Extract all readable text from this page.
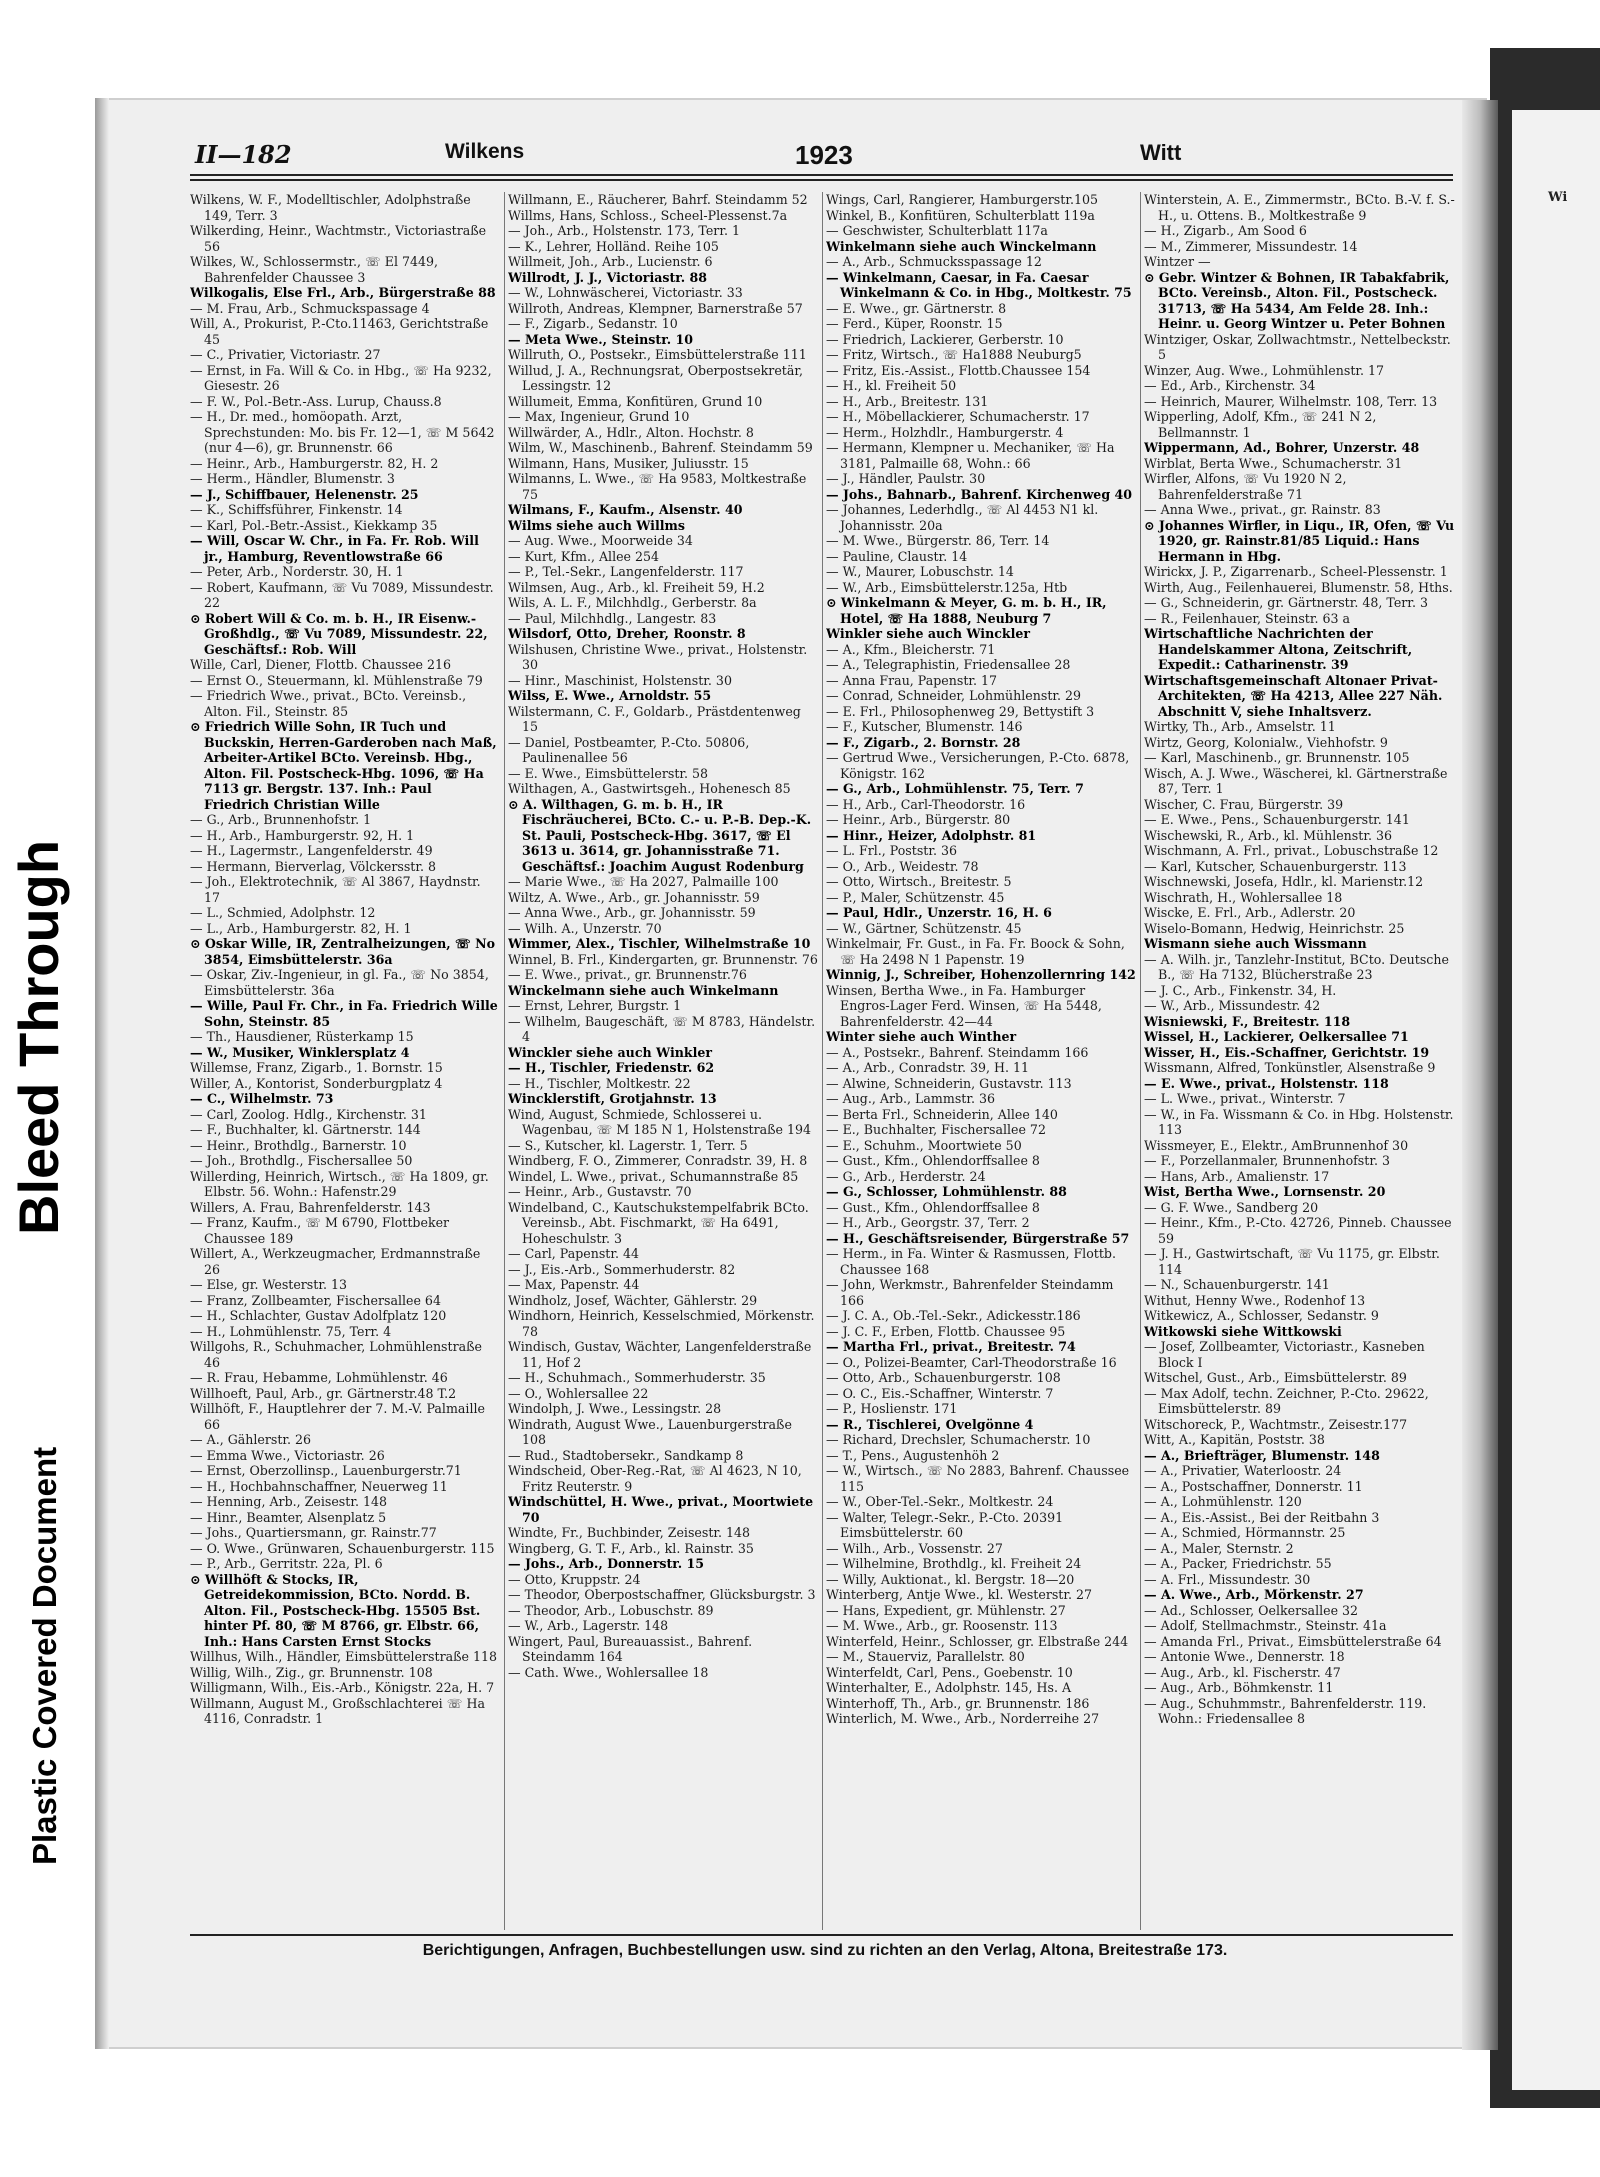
Bleed Through
Plastic Covered Document
Wi
II—182	Wilkens	1923	Witt

Wilkens, W. F., Modelltischler, Adolphstraße 149, Terr. 3

Wilkerding, Heinr., Wachtmstr., Victoriastraße 56

Wilkes, W., Schlossermstr., ☏ El 7449, Bahrenfelder Chaussee 3

Wilkogalis, Else Frl., Arb., Bürgerstraße 88

— M. Frau, Arb., Schmuckspassage 4

Will, A., Prokurist, P.-Cto.11463, Gerichtstraße 45

— C., Privatier, Victoriastr. 27

— Ernst, in Fa. Will & Co. in Hbg., ☏ Ha 9232, Giesestr. 26

— F. W., Pol.-Betr.-Ass. Lurup, Chauss.8

— H., Dr. med., homöopath. Arzt, Sprechstunden: Mo. bis Fr. 12—1, ☏ M 5642 (nur 4—6), gr. Brunnenstr. 66

— Heinr., Arb., Hamburgerstr. 82, H. 2

— Herm., Händler, Blumenstr. 3

— J., Schiffbauer, Helenenstr. 25

— K., Schiffsführer, Finkenstr. 14

— Karl, Pol.-Betr.-Assist., Kiekkamp 35

— Will, Oscar W. Chr., in Fa. Fr. Rob. Will jr., Hamburg, Reventlowstraße 66

— Peter, Arb., Norderstr. 30, H. 1

— Robert, Kaufmann, ☏ Vu 7089, Missundestr. 22

⊙ Robert Will & Co. m. b. H., IR Eisenw.-Großhdlg., ☏ Vu 7089, Missundestr. 22, Geschäftsf.: Rob. Will

Wille, Carl, Diener, Flottb. Chaussee 216

— Ernst O., Steuermann, kl. Mühlenstraße 79

— Friedrich Wwe., privat., BCto. Vereinsb., Alton. Fil., Steinstr. 85

⊙ Friedrich Wille Sohn, IR Tuch und Buckskin, Herren-Garderoben nach Maß, Arbeiter-Artikel BCto. Vereinsb. Hbg., Alton. Fil. Postscheck-Hbg. 1096, ☏ Ha 7113 gr. Bergstr. 137. Inh.: Paul Friedrich Christian Wille

— G., Arb., Brunnenhofstr. 1

— H., Arb., Hamburgerstr. 92, H. 1

— H., Lagermstr., Langenfelderstr. 49

— Hermann, Bierverlag, Völckersstr. 8

— Joh., Elektrotechnik, ☏ Al 3867, Haydnstr. 17

— L., Schmied, Adolphstr. 12

— L., Arb., Hamburgerstr. 82, H. 1

⊙ Oskar Wille, IR, Zentralheizungen, ☏ No 3854, Eimsbüttelerstr. 36a

— Oskar, Ziv.-Ingenieur, in gl. Fa., ☏ No 3854, Eimsbüttelerstr. 36a

— Wille, Paul Fr. Chr., in Fa. Friedrich Wille Sohn, Steinstr. 85

— Th., Hausdiener, Rüsterkamp 15

— W., Musiker, Winklersplatz 4

Willemse, Franz, Zigarb., 1. Bornstr. 15

Willer, A., Kontorist, Sonderburgplatz 4

— C., Wilhelmstr. 73

— Carl, Zoolog. Hdlg., Kirchenstr. 31

— F., Buchhalter, kl. Gärtnerstr. 144

— Heinr., Brothdlg., Barnerstr. 10

— Joh., Brothdlg., Fischersallee 50

Willerding, Heinrich, Wirtsch., ☏ Ha 1809, gr. Elbstr. 56. Wohn.: Hafenstr.29

Willers, A. Frau, Bahrenfelderstr. 143

— Franz, Kaufm., ☏ M 6790, Flottbeker Chaussee 189

Willert, A., Werkzeugmacher, Erdmannstraße 26

— Else, gr. Westerstr. 13

— Franz, Zollbeamter, Fischersallee 64

— H., Schlachter, Gustav Adolfplatz 120

— H., Lohmühlenstr. 75, Terr. 4

Willgohs, R., Schuhmacher, Lohmühlenstraße 46

— R. Frau, Hebamme, Lohmühlenstr. 46

Willhoeft, Paul, Arb., gr. Gärtnerstr.48 T.2

Willhöft, F., Hauptlehrer der 7. M.-V. Palmaille 66

— A., Gählerstr. 26

— Emma Wwe., Victoriastr. 26

— Ernst, Oberzollinsp., Lauenburgerstr.71

— H., Hochbahnschaffner, Neuerweg 11

— Henning, Arb., Zeisestr. 148

— Hinr., Beamter, Alsenplatz 5

— Johs., Quartiersmann, gr. Rainstr.77

— O. Wwe., Grünwaren, Schauenburgerstr. 115

— P., Arb., Gerritstr. 22a, Pl. 6

⊙ Willhöft & Stocks, IR, Getreidekommission, BCto. Nordd. B. Alton. Fil., Postscheck-Hbg. 15505 Bst. hinter Pf. 80, ☏ M 8766, gr. Elbstr. 66, Inh.: Hans Carsten Ernst Stocks

Willhus, Wilh., Händler, Eimsbüttelerstraße 118

Willig, Wilh., Zig., gr. Brunnenstr. 108

Willigmann, Wilh., Eis.-Arb., Königstr. 22a, H. 7

Willmann, August M., Großschlachterei ☏ Ha 4116, Conradstr. 1

Willmann, E., Räucherer, Bahrf. Steindamm 52

Willms, Hans, Schloss., Scheel-Plessenst.7a

— Joh., Arb., Holstenstr. 173, Terr. 1

— K., Lehrer, Holländ. Reihe 105

Willmeit, Joh., Arb., Lucienstr. 6

Willrodt, J. J., Victoriastr. 88

— W., Lohnwäscherei, Victoriastr. 33

Willroth, Andreas, Klempner, Barnerstraße 57

— F., Zigarb., Sedanstr. 10

— Meta Wwe., Steinstr. 10

Willruth, O., Postsekr., Eimsbüttelerstraße 111

Willud, J. A., Rechnungsrat, Oberpostsekretär, Lessingstr. 12

Willumeit, Emma, Konfitüren, Grund 10

— Max, Ingenieur, Grund 10

Willwärder, A., Hdlr., Alton. Hochstr. 8

Wilm, W., Maschinenb., Bahrenf. Steindamm 59

Wilmann, Hans, Musiker, Juliusstr. 15

Wilmanns, L. Wwe., ☏ Ha 9583, Moltkestraße 75

Wilmans, F., Kaufm., Alsenstr. 40

Wilms siehe auch Willms

— Aug. Wwe., Moorweide 34

— Kurt, Kfm., Allee 254

— P., Tel.-Sekr., Langenfelderstr. 117

Wilmsen, Aug., Arb., kl. Freiheit 59, H.2

Wils, A. L. F., Milchhdlg., Gerberstr. 8a

— Paul, Milchhdlg., Langestr. 83

Wilsdorf, Otto, Dreher, Roonstr. 8

Wilshusen, Christine Wwe., privat., Holstenstr. 30

— Hinr., Maschinist, Holstenstr. 30

Wilss, E. Wwe., Arnoldstr. 55

Wilstermann, C. F., Goldarb., Prästdentenweg 15

— Daniel, Postbeamter, P.-Cto. 50806, Paulinenallee 56

— E. Wwe., Eimsbüttelerstr. 58

Wilthagen, A., Gastwirtsgeh., Hohenesch 85

⊙ A. Wilthagen, G. m. b. H., IR Fischräucherei, BCto. C.- u. P.-B. Dep.-K. St. Pauli, Postscheck-Hbg. 3617, ☏ El 3613 u. 3614, gr. Johannisstraße 71. Geschäftsf.: Joachim August Rodenburg

— Marie Wwe., ☏ Ha 2027, Palmaille 100

Wiltz, A. Wwe., Arb., gr. Johannisstr. 59

— Anna Wwe., Arb., gr. Johannisstr. 59

— Wilh. A., Unzerstr. 70

Wimmer, Alex., Tischler, Wilhelmstraße 10

Winnel, B. Frl., Kindergarten, gr. Brunnenstr. 76

— E. Wwe., privat., gr. Brunnenstr.76

Winckelmann siehe auch Winkelmann

— Ernst, Lehrer, Burgstr. 1

— Wilhelm, Baugeschäft, ☏ M 8783, Händelstr. 4

Winckler siehe auch Winkler

— H., Tischler, Friedenstr. 62

— H., Tischler, Moltkestr. 22

Wincklerstift, Grotjahnstr. 13

Wind, August, Schmiede, Schlosserei u. Wagenbau, ☏ M 185 N 1, Holstenstraße 194

— S., Kutscher, kl. Lagerstr. 1, Terr. 5

Windberg, F. O., Zimmerer, Conradstr. 39, H. 8

Windel, L. Wwe., privat., Schumannstraße 85

— Heinr., Arb., Gustavstr. 70

Windelband, C., Kautschukstempelfabrik BCto. Vereinsb., Abt. Fischmarkt, ☏ Ha 6491, Hoheschulstr. 3

— Carl, Papenstr. 44

— J., Eis.-Arb., Sommerhuderstr. 82

— Max, Papenstr. 44

Windholz, Josef, Wächter, Gählerstr. 29

Windhorn, Heinrich, Kesselschmied, Mörkenstr. 78

Windisch, Gustav, Wächter, Langenfelderstraße 11, Hof 2

— H., Schuhmach., Sommerhuderstr. 35

— O., Wohlersallee 22

Windolph, J. Wwe., Lessingstr. 28

Windrath, August Wwe., Lauenburgerstraße 108

— Rud., Stadtobersekr., Sandkamp 8

Windscheid, Ober-Reg.-Rat, ☏ Al 4623, N 10, Fritz Reuterstr. 9

Windschüttel, H. Wwe., privat., Moortwiete 70

Windte, Fr., Buchbinder, Zeisestr. 148

Wingberg, G. T. F., Arb., kl. Rainstr. 35

— Johs., Arb., Donnerstr. 15

— Otto, Kruppstr. 24

— Theodor, Oberpostschaffner, Glücksburgstr. 3

— Theodor, Arb., Lobuschstr. 89

— W., Arb., Lagerstr. 148

Wingert, Paul, Bureauassist., Bahrenf. Steindamm 164

— Cath. Wwe., Wohlersallee 18

Wings, Carl, Rangierer, Hamburgerstr.105

Winkel, B., Konfitüren, Schulterblatt 119a

— Geschwister, Schulterblatt 117a

Winkelmann siehe auch Winckelmann

— A., Arb., Schmucksspassage 12

— Winkelmann, Caesar, in Fa. Caesar Winkelmann & Co. in Hbg., Moltkestr. 75

— E. Wwe., gr. Gärtnerstr. 8

— Ferd., Küper, Roonstr. 15

— Friedrich, Lackierer, Gerberstr. 10

— Fritz, Wirtsch., ☏ Ha1888 Neuburg5

— Fritz, Eis.-Assist., Flottb.Chaussee 154

— H., kl. Freiheit 50

— H., Arb., Breitestr. 131

— H., Möbellackierer, Schumacherstr. 17

— Herm., Holzhdlr., Hamburgerstr. 4

— Hermann, Klempner u. Mechaniker, ☏ Ha 3181, Palmaille 68, Wohn.: 66

— J., Händler, Paulstr. 30

— Johs., Bahnarb., Bahrenf. Kirchenweg 40

— Johannes, Lederhdlg., ☏ Al 4453 N1 kl. Johannisstr. 20a

— M. Wwe., Bürgerstr. 86, Terr. 14

— Pauline, Claustr. 14

— W., Maurer, Lobuschstr. 14

— W., Arb., Eimsbüttelerstr.125a, Htb

⊙ Winkelmann & Meyer, G. m. b. H., IR, Hotel, ☏ Ha 1888, Neuburg 7

Winkler siehe auch Winckler

— A., Kfm., Bleicherstr. 71

— A., Telegraphistin, Friedensallee 28

— Anna Frau, Papenstr. 17

— Conrad, Schneider, Lohmühlenstr. 29

— E. Frl., Philosophenweg 29, Bettystift 3

— F., Kutscher, Blumenstr. 146

— F., Zigarb., 2. Bornstr. 28

— Gertrud Wwe., Versicherungen, P.-Cto. 6878, Königstr. 162

— G., Arb., Lohmühlenstr. 75, Terr. 7

— H., Arb., Carl-Theodorstr. 16

— Heinr., Arb., Bürgerstr. 80

— Hinr., Heizer, Adolphstr. 81

— L. Frl., Poststr. 36

— O., Arb., Weidestr. 78

— Otto, Wirtsch., Breitestr. 5

— P., Maler, Schützenstr. 45

— Paul, Hdlr., Unzerstr. 16, H. 6

— W., Gärtner, Schützenstr. 45

Winkelmair, Fr. Gust., in Fa. Fr. Boock & Sohn, ☏ Ha 2498 N 1 Papenstr. 19

Winnig, J., Schreiber, Hohenzollernring 142

Winsen, Bertha Wwe., in Fa. Hamburger Engros-Lager Ferd. Winsen, ☏ Ha 5448, Bahrenfelderstr. 42—44

Winter siehe auch Winther

— A., Postsekr., Bahrenf. Steindamm 166

— A., Arb., Conradstr. 39, H. 11

— Alwine, Schneiderin, Gustavstr. 113

— Aug., Arb., Lammstr. 36

— Berta Frl., Schneiderin, Allee 140

— E., Buchhalter, Fischersallee 72

— E., Schuhm., Moortwiete 50

— Gust., Kfm., Ohlendorffsallee 8

— G., Arb., Herderstr. 24

— G., Schlosser, Lohmühlenstr. 88

— Gust., Kfm., Ohlendorffsallee 8

— H., Arb., Georgstr. 37, Terr. 2

— H., Geschäftsreisender, Bürgerstraße 57

— Herm., in Fa. Winter & Rasmussen, Flottb. Chaussee 168

— John, Werkmstr., Bahrenfelder Steindamm 166

— J. C. A., Ob.-Tel.-Sekr., Adickesstr.186

— J. C. F., Erben, Flottb. Chaussee 95

— Martha Frl., privat., Breitestr. 74

— O., Polizei-Beamter, Carl-Theodorstraße 16

— Otto, Arb., Schauenburgerstr. 108

— O. C., Eis.-Schaffner, Winterstr. 7

— P., Hoslienstr. 171

— R., Tischlerei, Ovelgönne 4

— Richard, Drechsler, Schumacherstr. 10

— T., Pens., Augustenhöh 2

— W., Wirtsch., ☏ No 2883, Bahrenf. Chaussee 115

— W., Ober-Tel.-Sekr., Moltkestr. 24

— Walter, Telegr.-Sekr., P.-Cto. 20391 Eimsbüttelerstr. 60

— Wilh., Arb., Vossenstr. 27

— Wilhelmine, Brothdlg., kl. Freiheit 24

— Willy, Auktionat., kl. Bergstr. 18—20

Winterberg, Antje Wwe., kl. Westerstr. 27

— Hans, Expedient, gr. Mühlenstr. 27

— M. Wwe., Arb., gr. Roosenstr. 113

Winterfeld, Heinr., Schlosser, gr. Elbstraße 244

— M., Stauerviz, Parallelstr. 80

Winterfeldt, Carl, Pens., Goebenstr. 10

Winterhalter, E., Adolphstr. 145, Hs. A

Winterhoff, Th., Arb., gr. Brunnenstr. 186

Winterlich, M. Wwe., Arb., Norderreihe 27

Winterstein, A. E., Zimmermstr., BCto. B.-V. f. S.-H., u. Ottens. B., Moltkestraße 9

— H., Zigarb., Am Sood 6

— M., Zimmerer, Missundestr. 14

Wintzer —

⊙ Gebr. Wintzer & Bohnen, IR Tabakfabrik, BCto. Vereinsb., Alton. Fil., Postscheck. 31713, ☏ Ha 5434, Am Felde 28. Inh.: Heinr. u. Georg Wintzer u. Peter Bohnen

Wintziger, Oskar, Zollwachtmstr., Nettelbeckstr. 5

Winzer, Aug. Wwe., Lohmühlenstr. 17

— Ed., Arb., Kirchenstr. 34

— Heinrich, Maurer, Wilhelmstr. 108, Terr. 13

Wipperling, Adolf, Kfm., ☏ 241 N 2, Bellmannstr. 1

Wippermann, Ad., Bohrer, Unzerstr. 48

Wirblat, Berta Wwe., Schumacherstr. 31

Wirfler, Alfons, ☏ Vu 1920 N 2, Bahrenfelderstraße 71

— Anna Wwe., privat., gr. Rainstr. 83

⊙ Johannes Wirfler, in Liqu., IR, Ofen, ☏ Vu 1920, gr. Rainstr.81/85 Liquid.: Hans Hermann in Hbg.

Wirickx, J. P., Zigarrenarb., Scheel-Plessenstr. 1

Wirth, Aug., Feilenhauerei, Blumenstr. 58, Hths.

— G., Schneiderin, gr. Gärtnerstr. 48, Terr. 3

— R., Feilenhauer, Steinstr. 63 a

Wirtschaftliche Nachrichten der Handelskammer Altona, Zeitschrift, Expedit.: Catharinenstr. 39

Wirtschaftsgemeinschaft Altonaer Privat-Architekten, ☏ Ha 4213, Allee 227 Näh. Abschnitt V, siehe Inhaltsverz.

Wirtky, Th., Arb., Amselstr. 11

Wirtz, Georg, Kolonialw., Viehhofstr. 9

— Karl, Maschinenb., gr. Brunnenstr. 105

Wisch, A. J. Wwe., Wäscherei, kl. Gärtnerstraße 87, Terr. 1

Wischer, C. Frau, Bürgerstr. 39

— E. Wwe., Pens., Schauenburgerstr. 141

Wischewski, R., Arb., kl. Mühlenstr. 36

Wischmann, A. Frl., privat., Lobuschstraße 12

— Karl, Kutscher, Schauenburgerstr. 113

Wischnewski, Josefa, Hdlr., kl. Marienstr.12

Wischrath, H., Wohlersallee 18

Wiscke, E. Frl., Arb., Adlerstr. 20

Wiselo-Bomann, Hedwig, Heinrichstr. 25

Wismann siehe auch Wissmann

— A. Wilh. jr., Tanzlehr-Institut, BCto. Deutsche B., ☏ Ha 7132, Blücherstraße 23

— J. C., Arb., Finkenstr. 34, H.

— W., Arb., Missundestr. 42

Wisniewski, F., Breitestr. 118

Wissel, H., Lackierer, Oelkersallee 71

Wisser, H., Eis.-Schaffner, Gerichtstr. 19

Wissmann, Alfred, Tonkünstler, Alsenstraße 9

— E. Wwe., privat., Holstenstr. 118

— L. Wwe., privat., Winterstr. 7

— W., in Fa. Wissmann & Co. in Hbg. Holstenstr. 113

Wissmeyer, E., Elektr., AmBrunnenhof 30

— F., Porzellanmaler, Brunnenhofstr. 3

— Hans, Arb., Amalienstr. 17

Wist, Bertha Wwe., Lornsenstr. 20

— G. F. Wwe., Sandberg 20

— Heinr., Kfm., P.-Cto. 42726, Pinneb. Chaussee 59

— J. H., Gastwirtschaft, ☏ Vu 1175, gr. Elbstr. 114

— N., Schauenburgerstr. 141

Withut, Henny Wwe., Rodenhof 13

Witkewicz, A., Schlosser, Sedanstr. 9

Witkowski siehe Wittkowski

— Josef, Zollbeamter, Victoriastr., Kasneben Block I

Witschel, Gust., Arb., Eimsbüttelerstr. 89

— Max Adolf, techn. Zeichner, P.-Cto. 29622, Eimsbüttelerstr. 89

Witschoreck, P., Wachtmstr., Zeisestr.177

Witt, A., Kapitän, Poststr. 38

— A., Briefträger, Blumenstr. 148

— A., Privatier, Waterloostr. 24

— A., Postschaffner, Donnerstr. 11

— A., Lohmühlenstr. 120

— A., Eis.-Assist., Bei der Reitbahn 3

— A., Schmied, Hörmannstr. 25

— A., Maler, Sternstr. 2

— A., Packer, Friedrichstr. 55

— A. Frl., Missundestr. 30

— A. Wwe., Arb., Mörkenstr. 27

— Ad., Schlosser, Oelkersallee 32

— Adolf, Stellmachmstr., Steinstr. 41a

— Amanda Frl., Privat., Eimsbüttelerstraße 64

— Antonie Wwe., Dennerstr. 18

— Aug., Arb., kl. Fischerstr. 47

— Aug., Arb., Böhmkenstr. 11

— Aug., Schuhmmstr., Bahrenfelderstr. 119. Wohn.: Friedensallee 8

Berichtigungen, Anfragen, Buchbestellungen usw. sind zu richten an den Verlag, Altona, Breitestraße 173.
